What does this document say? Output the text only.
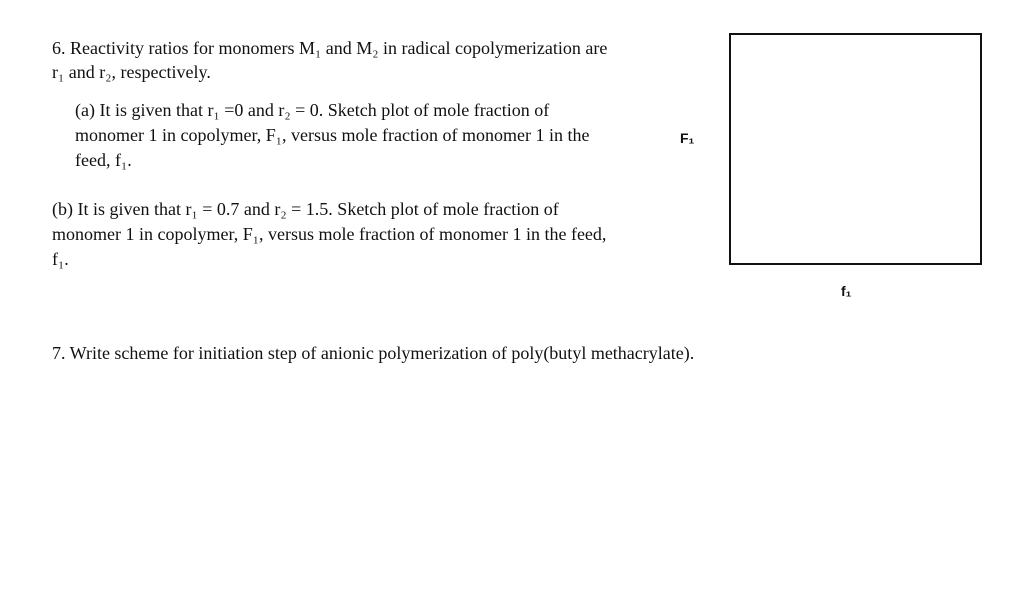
6. Reactivity ratios for monomers M₁ and M₂ in radical copolymerization are
r₁ and r₂, respectively.
(a) It is given that r₁ =0 and r₂ = 0. Sketch plot of mole fraction of
monomer 1 in copolymer, F₁, versus mole fraction of monomer 1 in the
feed, f₁.
(b) It is given that r₁ = 0.7 and r₂ = 1.5. Sketch plot of mole fraction of
monomer 1 in copolymer, F₁, versus mole fraction of monomer 1 in the feed,
f₁.
F₁
f₁
7. Write scheme for initiation step of anionic polymerization of poly(butyl methacrylate).
